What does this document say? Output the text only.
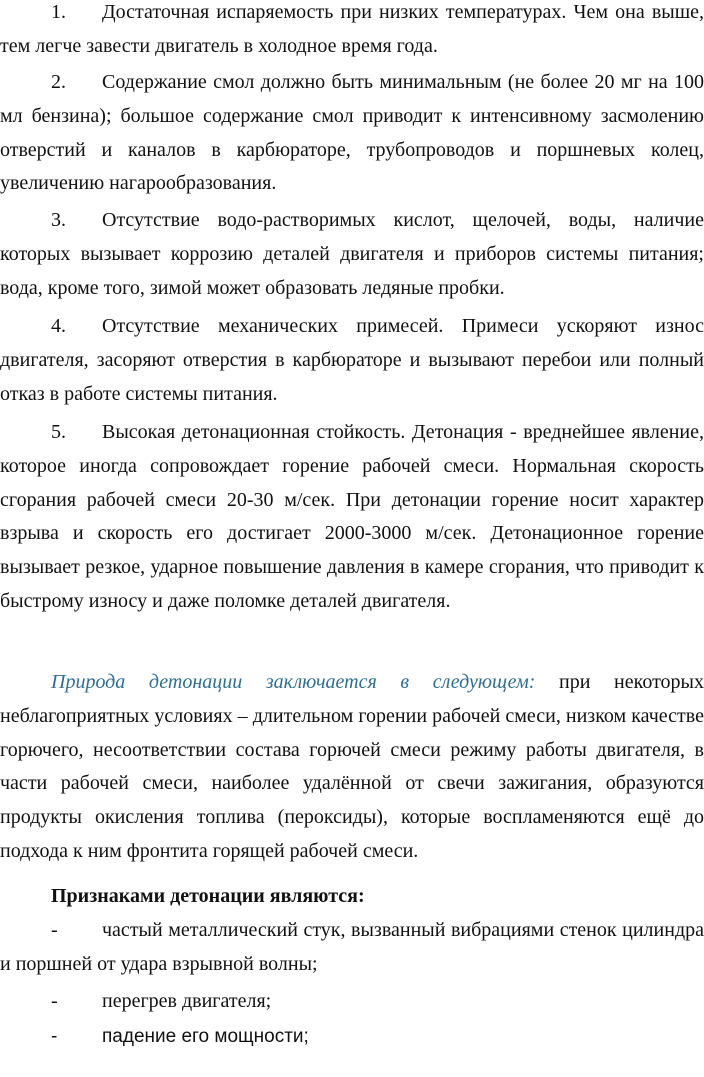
1. Достаточная испаряемость при низких температурах. Чем она выше, тем легче завести двигатель в холодное время года.

2. Содержание смол должно быть минимальным (не более 20 мг на 100 мл бензина); большое содержание смол приводит к интенсивному засмолению отверстий и каналов в карбюраторе, трубопроводов и поршневых колец, увеличению нагарообразования.

3. Отсутствие водо-растворимых кислот, щелочей, воды, наличие которых вызывает коррозию деталей двигателя и приборов системы питания; вода, кроме того, зимой может образовать ледяные пробки.

4. Отсутствие механических примесей. Примеси ускоряют износ двигателя, засоряют отверстия в карбюраторе и вызывают перебои или полный отказ в работе системы питания.

5. Высокая детонационная стойкость. Детонация - вреднейшее явление, которое иногда сопровождает горение рабочей смеси. Нормальная скорость сгорания рабочей смеси 20-30 м/сек. При детонации горение носит характер взрыва и скорость его достигает 2000-3000 м/сек. Детонационное горение вызывает резкое, ударное повышение давления в камере сгорания, что приводит к быстрому износу и даже поломке деталей двигателя.

Природа детонации заключается в следующем: при некоторых неблагоприятных условиях – длительном горении рабочей смеси, низком качестве горючего, несоответствии состава горючей смеси режиму работы двигателя, в части рабочей смеси, наиболее удалённой от свечи зажигания, образуются продукты окисления топлива (пероксиды), которые воспламеняются ещё до подхода к ним фронтита горящей рабочей смеси.

Признаками детонации являются:

- частый металлический стук, вызванный вибрациями стенок цилиндра и поршней от удара взрывной волны;

- перегрев двигателя;

- падение его мощности;
